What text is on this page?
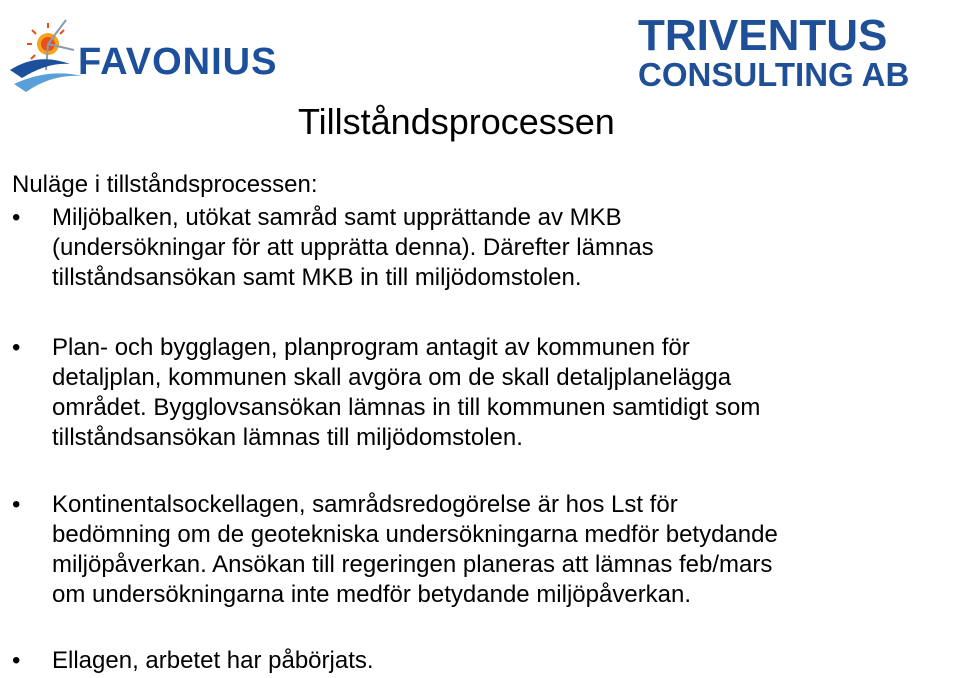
FAVONIUS
TRIVENTUS
CONSULTING AB
Tillståndsprocessen
Nuläge i tillståndsprocessen:
• Miljöbalken, utökat samråd samt upprättande av MKB
(undersökningar för att upprätta denna). Därefter lämnas
tillståndsansökan samt MKB in till miljödomstolen.
• Plan- och bygglagen, planprogram antagit av kommunen för
detaljplan, kommunen skall avgöra om de skall detaljplanelägga
området. Bygglovsansökan lämnas in till kommunen samtidigt som
tillståndsansökan lämnas till miljödomstolen.
• Kontinentalsockellagen, samrådsredogörelse är hos Lst för
bedömning om de geotekniska undersökningarna medför betydande
miljöpåverkan. Ansökan till regeringen planeras att lämnas feb/mars
om undersökningarna inte medför betydande miljöpåverkan.
• Ellagen, arbetet har påbörjats.
